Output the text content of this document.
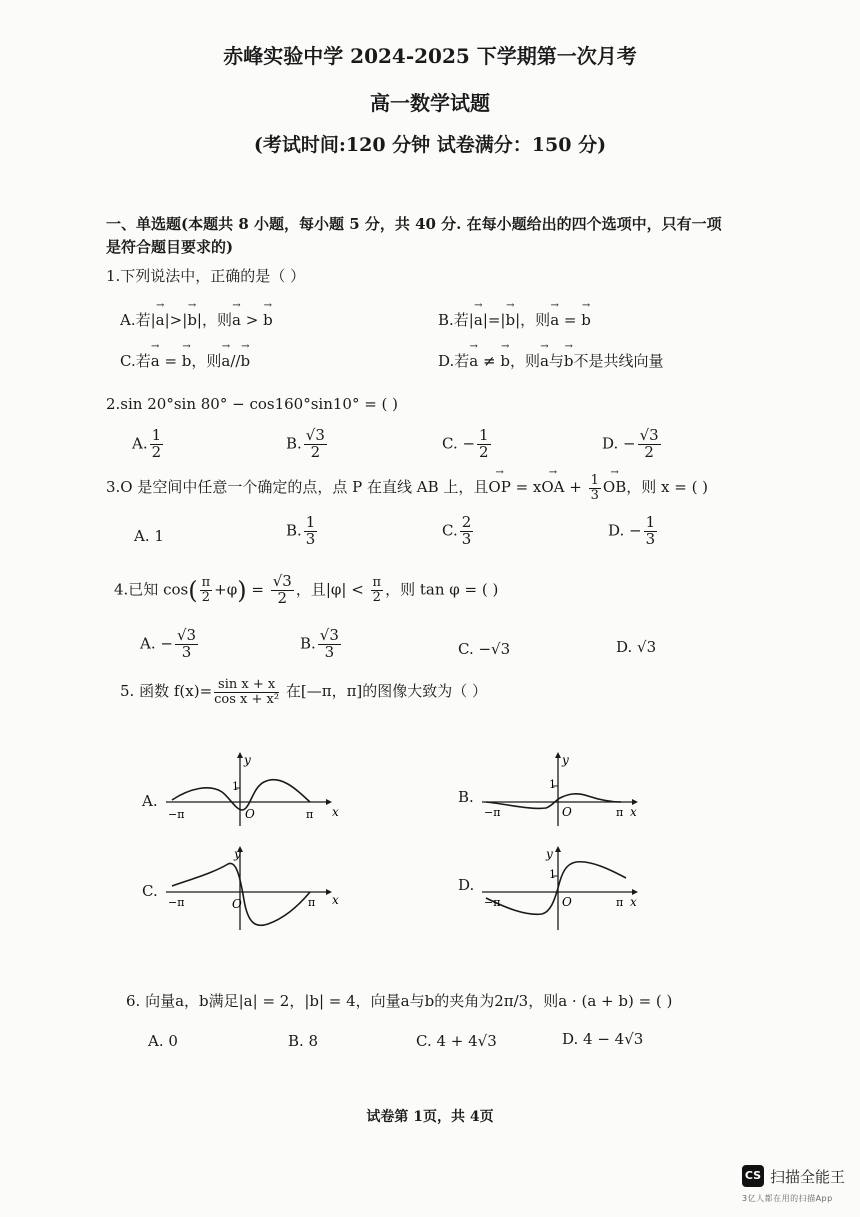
赤峰实验中学 2024-2025 下学期第一次月考
高一数学试题
(考试时间:120 分钟 试卷满分：150 分)
一、单选题(本题共 8 小题，每小题 5 分，共 40 分. 在每小题给出的四个选项中，只有一项
是符合题目要求的)
1.下列说法中，正确的是（ ）
A.若|→ a|>|→ b|，则→ a > → b	B.若|→ a|=|→ b|，则→ a = → b
C.若→ a = → b，则→ a//→ b	D.若→ a ≠ → b，则→ a与→ b不是共线向量
2.sin 20°sin 80° − cos160°sin10° = ( )
A. $\frac{1}{2}$	B. $\frac{√3}{2}$	C. − $\frac{1}{2}$	D. − $\frac{√3}{2}$
3.O 是空间中任意一个确定的点，点 P 在直线 AB 上，且→ OP = x→ OA + $\frac{1}{3}$
→ OB，则 x = ( )
A. 1	B. $\frac{1}{3}$	C. $\frac{2}{3}$	D. − $\frac{1}{3}$
4.已知 $\cos( \frac{\pi}{2} +\varphi) = \frac{√3}{2}$ ，且$|\varphi| < \frac{\pi}{2}$ ，则 tan φ = ( )
A. − $\frac{√3}{3}$	B. $\frac{√3}{3}$	C. −√3	D. √3
5. 函数 $f(x)= \frac{\text{sin x + x}}{\text{cos x + x²}}$ 在[—π，π]的图像大致为（ ）
A.	B.
C.	D.
y
x
1
O
−π	π
y
x
1
O
−π	π
y
x
O
−π	π
y
x
1
O
−π	π
6. 向量a，b满足|a| = 2，|b| = 4，向量a与b的夹角为2π/3，则a · (a + b) = ( )
A. 0	B. 8	C. 4 + 4√3	D. 4 − 4√3
试卷第 1页，共 4页
CS 扫描全能王
3亿人都在用的扫描App
